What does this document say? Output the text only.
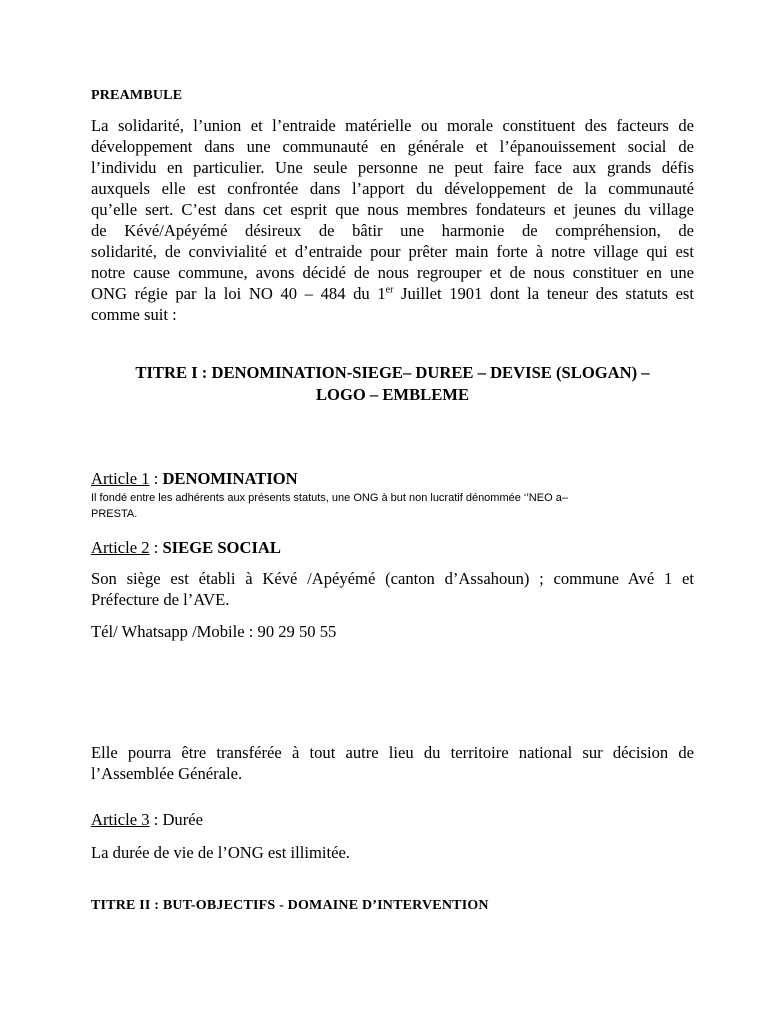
PREAMBULE
La solidarité, l’union et l’entraide matérielle ou morale constituent des facteurs de
développement dans une communauté en générale et l’épanouissement social de
l’individu en particulier. Une seule personne ne peut faire face aux grands défis
auxquels elle est confrontée dans l’apport du développement de la communauté
qu’elle sert. C’est dans cet esprit que nous membres fondateurs et jeunes du village
de Kévé/Apéyémé désireux de bâtir une harmonie de compréhension, de
solidarité, de convivialité et d’entraide pour prêter main forte à notre village qui est
notre cause commune, avons décidé de nous regrouper et de nous constituer en une
ONG régie par la loi NO 40 – 484 du 1er Juillet 1901 dont la teneur des statuts est
comme suit :
TITRE I : DENOMINATION-SIEGE– DUREE – DEVISE (SLOGAN) –
LOGO – EMBLEME
Article 1 : DENOMINATION
Il fondé entre les adhérents aux présents statuts, une ONG à but non lucratif dénommée ‘’NEO a–
PRESTA.
Article 2 : SIEGE SOCIAL
Son siège est établi à Kévé /Apéyémé (canton d’Assahoun) ; commune Avé 1 et
Préfecture de l’AVE.
Tél/ Whatsapp /Mobile : 90 29 50 55
Elle pourra être transférée à tout autre lieu du territoire national sur décision de
l’Assemblée Générale.
Article 3 : Durée
La durée de vie de l’ONG est illimitée.
TITRE II : BUT-OBJECTIFS - DOMAINE D’INTERVENTION
